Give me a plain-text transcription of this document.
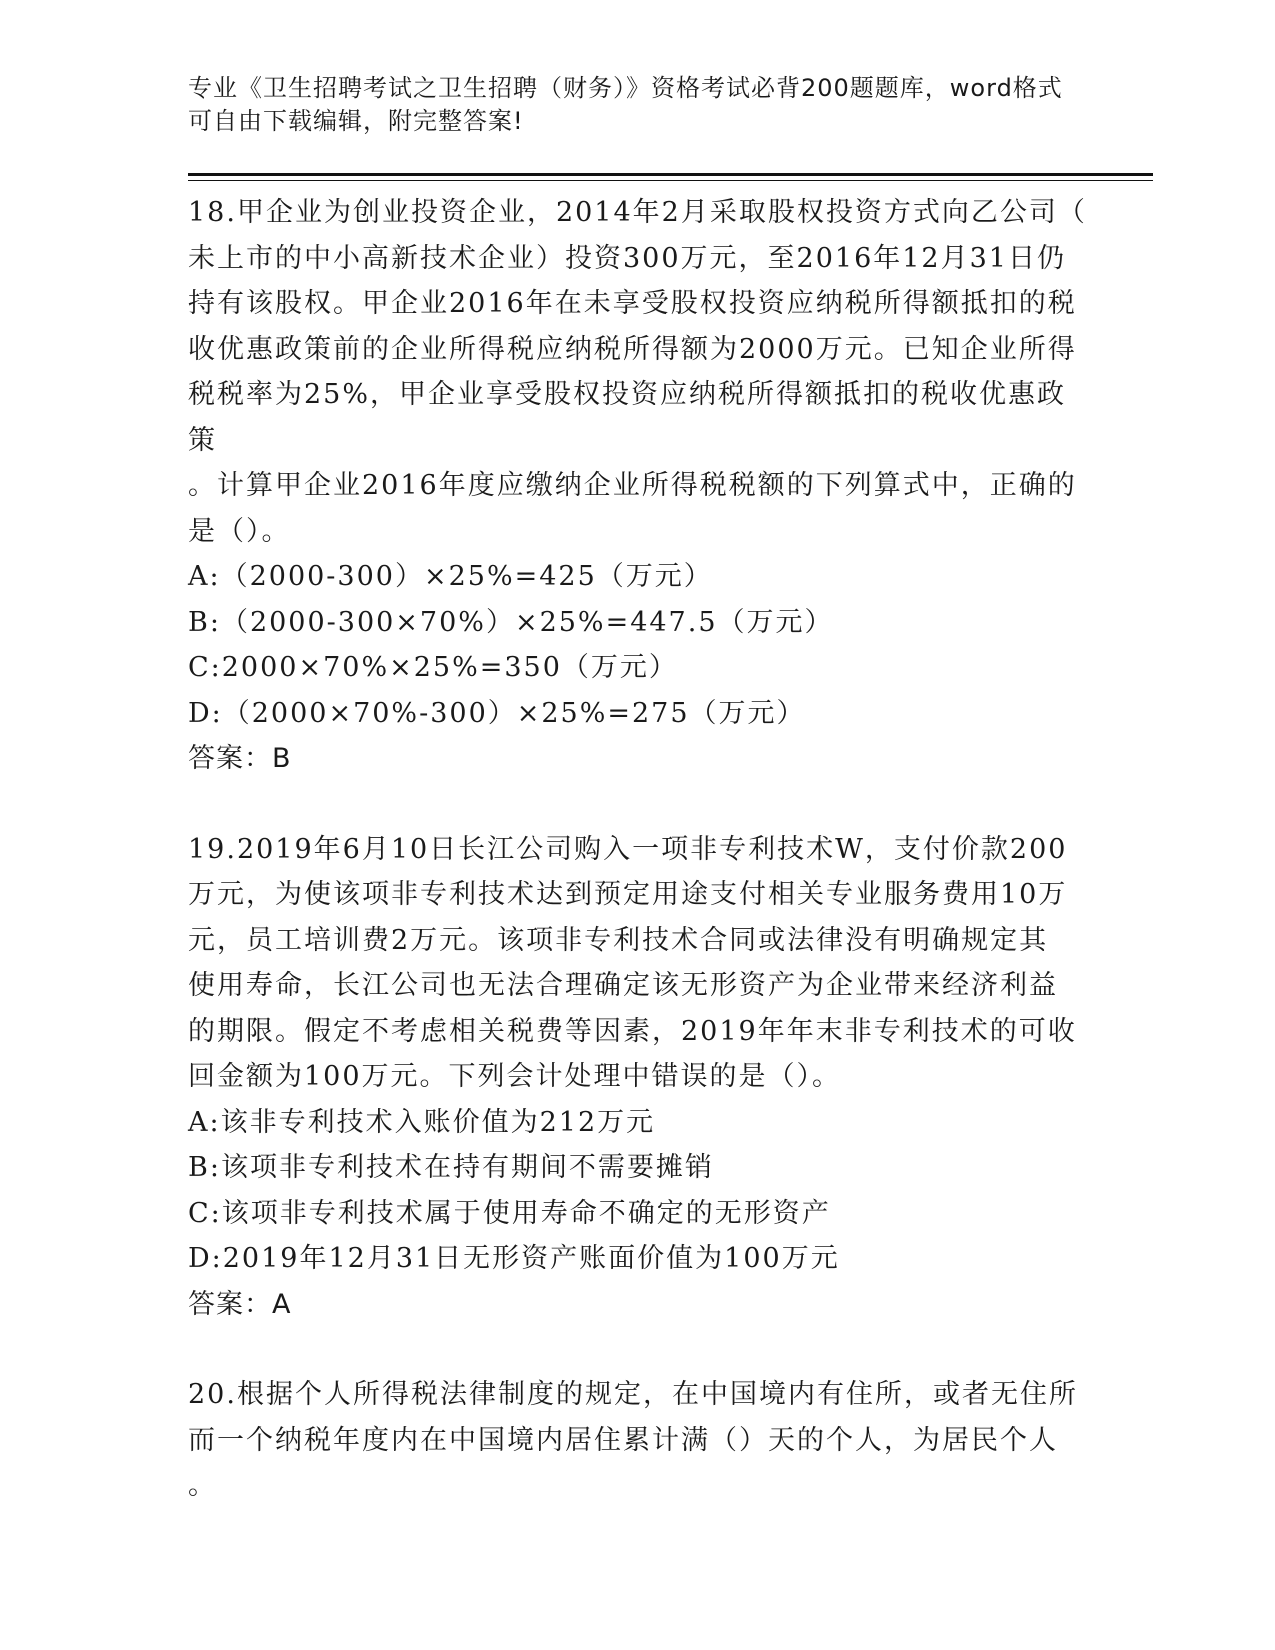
专业《卫生招聘考试之卫生招聘（财务）》资格考试必背200题题库，word格式
可自由下载编辑，附完整答案!
18.甲企业为创业投资企业，2014年2月采取股权投资方式向乙公司（
未上市的中小高新技术企业）投资300万元，至2016年12月31日仍
持有该股权。甲企业2016年在未享受股权投资应纳税所得额抵扣的税
收优惠政策前的企业所得税应纳税所得额为2000万元。已知企业所得
税税率为25%，甲企业享受股权投资应纳税所得额抵扣的税收优惠政策
。计算甲企业2016年度应缴纳企业所得税税额的下列算式中，正确的
是（）。
A:（2000-300）×25%=425（万元）
B:（2000-300×70%）×25%=447.5（万元）
C:2000×70%×25%=350（万元）
D:（2000×70%-300）×25%=275（万元）
答案：B
19.2019年6月10日长江公司购入一项非专利技术W，支付价款200
万元，为使该项非专利技术达到预定用途支付相关专业服务费用10万
元，员工培训费2万元。该项非专利技术合同或法律没有明确规定其
使用寿命，长江公司也无法合理确定该无形资产为企业带来经济利益
的期限。假定不考虑相关税费等因素，2019年年末非专利技术的可收
回金额为100万元。下列会计处理中错误的是（）。
A:该非专利技术入账价值为212万元
B:该项非专利技术在持有期间不需要摊销
C:该项非专利技术属于使用寿命不确定的无形资产
D:2019年12月31日无形资产账面价值为100万元
答案：A
20.根据个人所得税法律制度的规定，在中国境内有住所，或者无住所
而一个纳税年度内在中国境内居住累计满（）天的个人，为居民个人
。
